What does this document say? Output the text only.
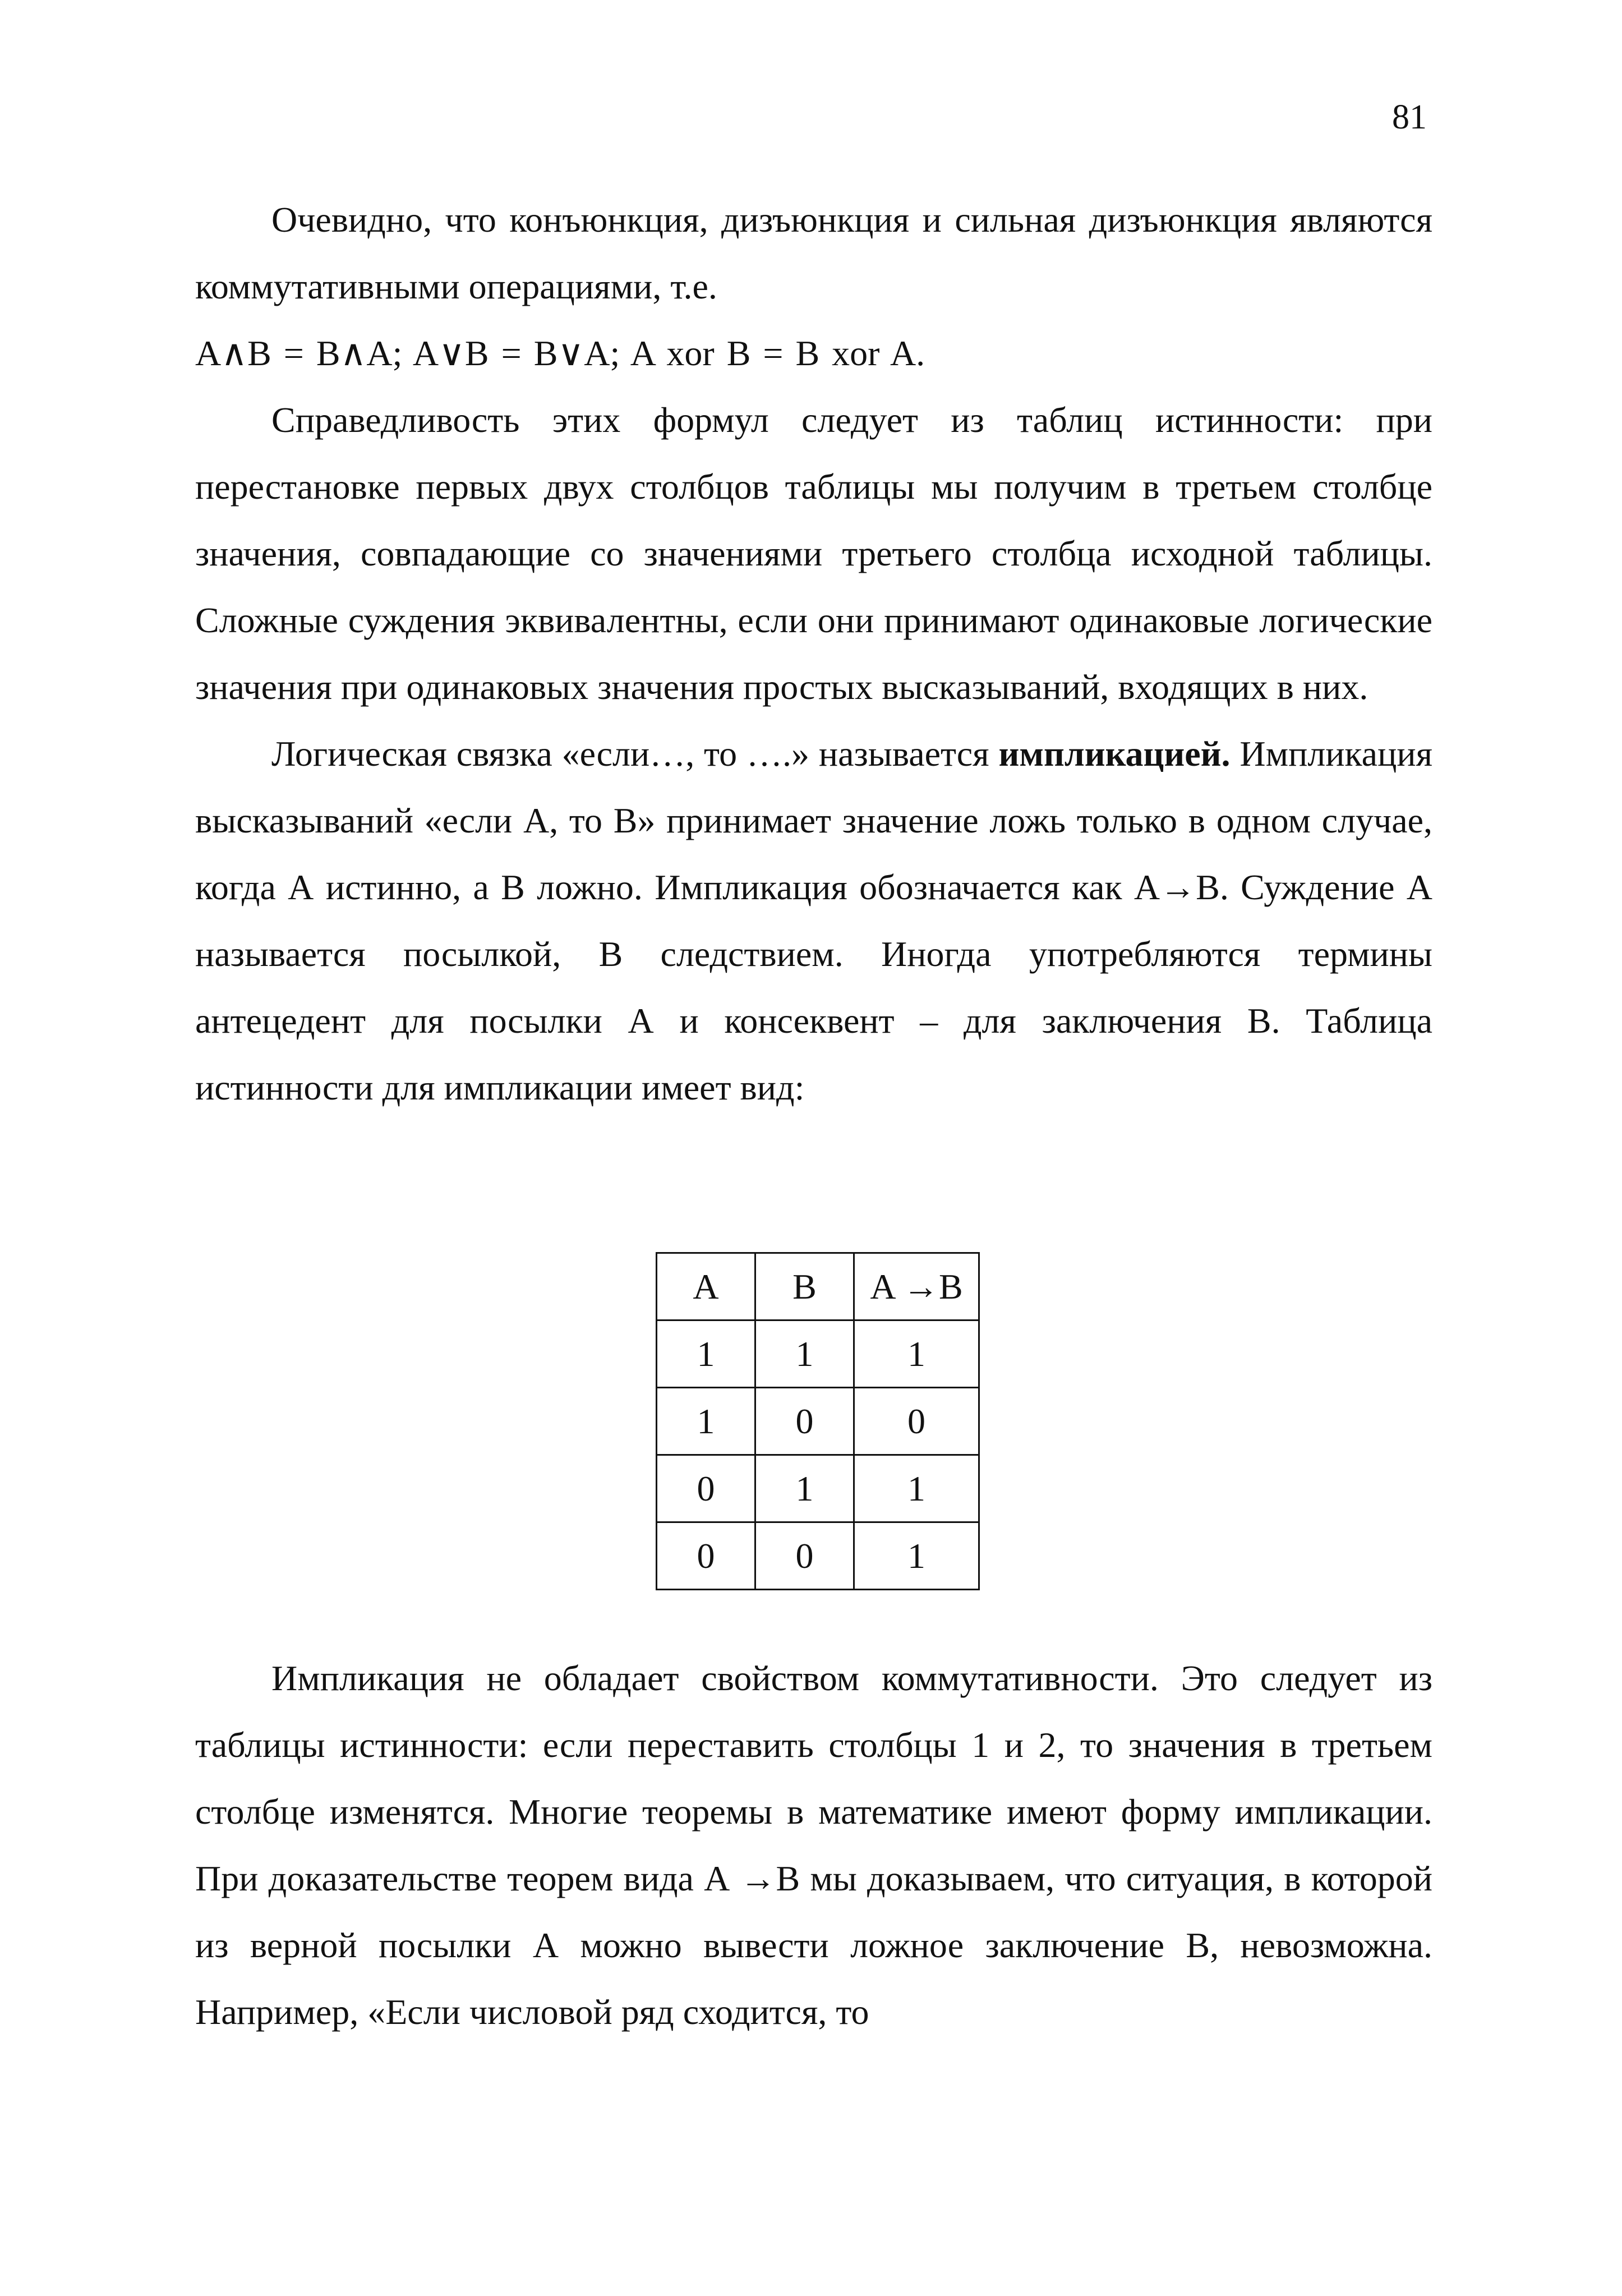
81

Очевидно, что конъюнкция, дизъюнкция и сильная дизъюнкция являются коммутативными операциями, т.е.

A∧B = B∧A; A∨B = B∨A; A xor B = B xor A.

Справедливость этих формул следует из таблиц истинности: при перестановке первых двух столбцов таблицы мы получим в третьем столбце значения, совпадающие со значениями третьего столбца исходной таблицы. Сложные суждения эквивалентны, если они принимают одинаковые логические значения при одинаковых значения простых высказываний, входящих в них.

Логическая связка «если…, то ….» называется импликацией. Импликация высказываний «если А, то В» принимает значение ложь только в одном случае, когда А истинно, а В ложно. Импликация обозначается как А→В. Суждение А называется посылкой, В следствием. Иногда употребляются термины антецедент для посылки А и консеквент – для заключения В. Таблица истинности для импликации имеет вид:

A	B	A →B
1	1	1
1	0	0
0	1	1
0	0	1

Импликация не обладает свойством коммутативности. Это следует из таблицы истинности: если переставить столбцы 1 и 2, то значения в третьем столбце изменятся. Многие теоремы в математике имеют форму импликации. При доказательстве теорем вида А →В мы доказываем, что ситуация, в которой из верной посылки А можно вывести ложное заключение В, невозможна. Например, «Если числовой ряд сходится, то
